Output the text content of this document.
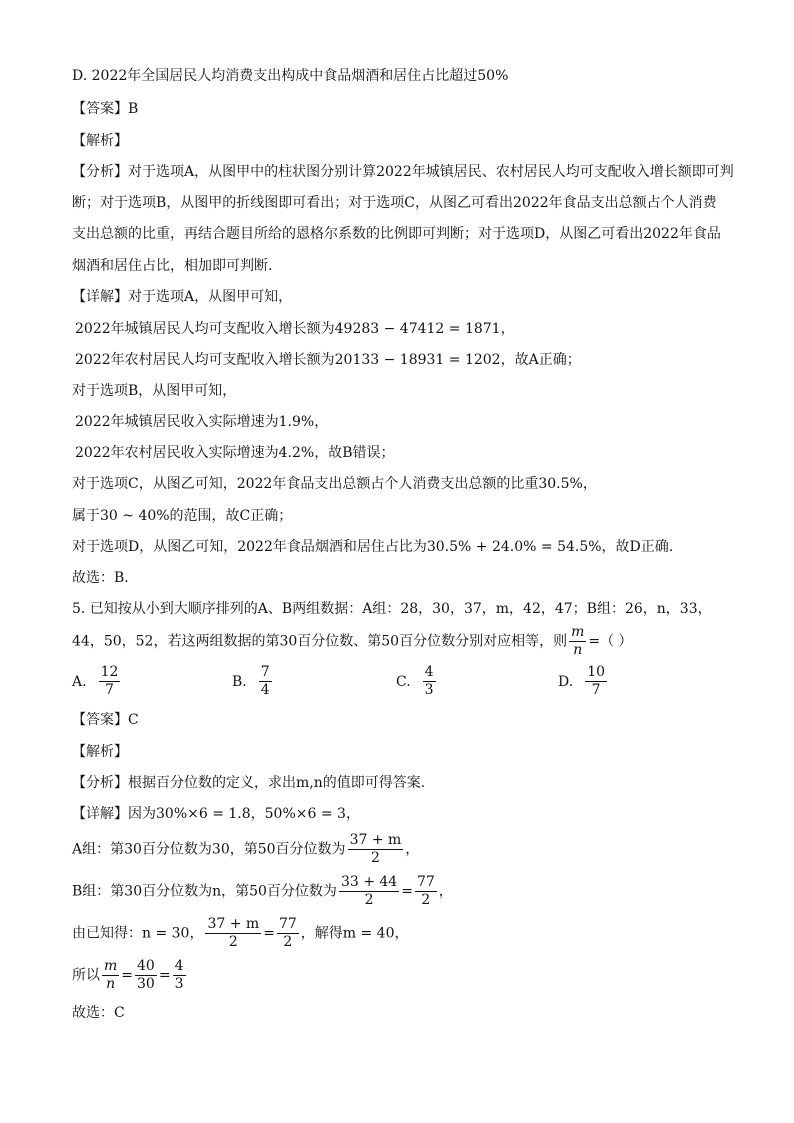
D. 2022年全国居民人均消费支出构成中食品烟酒和居住占比超过50%
【答案】B
【解析】
【分析】对于选项A，从图甲中的柱状图分别计算2022年城镇居民、农村居民人均可支配收入增长额即可判
断；对于选项B，从图甲的折线图即可看出；对于选项C，从图乙可看出2022年食品支出总额占个人消费
支出总额的比重，再结合题目所给的恩格尔系数的比例即可判断；对于选项D，从图乙可看出2022年食品
烟酒和居住占比，相加即可判断.
【详解】对于选项A，从图甲可知，
2022年城镇居民人均可支配收入增长额为49283 − 47412 = 1871，
2022年农村居民人均可支配收入增长额为20133 − 18931 = 1202，故A正确；
对于选项B，从图甲可知，
2022年城镇居民收入实际增速为1.9%，
2022年农村居民收入实际增速为4.2%，故B错误；
对于选项C，从图乙可知，2022年食品支出总额占个人消费支出总额的比重30.5%，
属于30 ~ 40%的范围，故C正确；
对于选项D，从图乙可知，2022年食品烟酒和居住占比为30.5% + 24.0% = 54.5%，故D正确.
故选：B.
5. 已知按从小到大顺序排列的A、B两组数据：A组：28，30，37，m，42，47；B组：26，n，33，
44，50，52，若这两组数据的第30百分位数、第50百分位数分别对应相等，则 $\frac{m}{n}$ =（ ）
A. $\frac{12}{7}$	B. $\frac{7}{4}$	C. $\frac{4}{3}$	D. $\frac{10}{7}$
【答案】C
【解析】
【分析】根据百分位数的定义，求出m,n的值即可得答案.
【详解】因为30%×6 = 1.8，50%×6 = 3，
A组：第30百分位数为30，第50百分位数为 $\frac{37 + m}{2}$ ，
B组：第30百分位数为n，第50百分位数为 $\frac{33 + 44}{2} = \frac{77}{2}$ ，
由已知得：n = 30， $\frac{37 + m}{2} = \frac{77}{2}$ ，解得m = 40，
所以 $\frac{m}{n} = \frac{40}{30} = \frac{4}{3}$
故选：C
